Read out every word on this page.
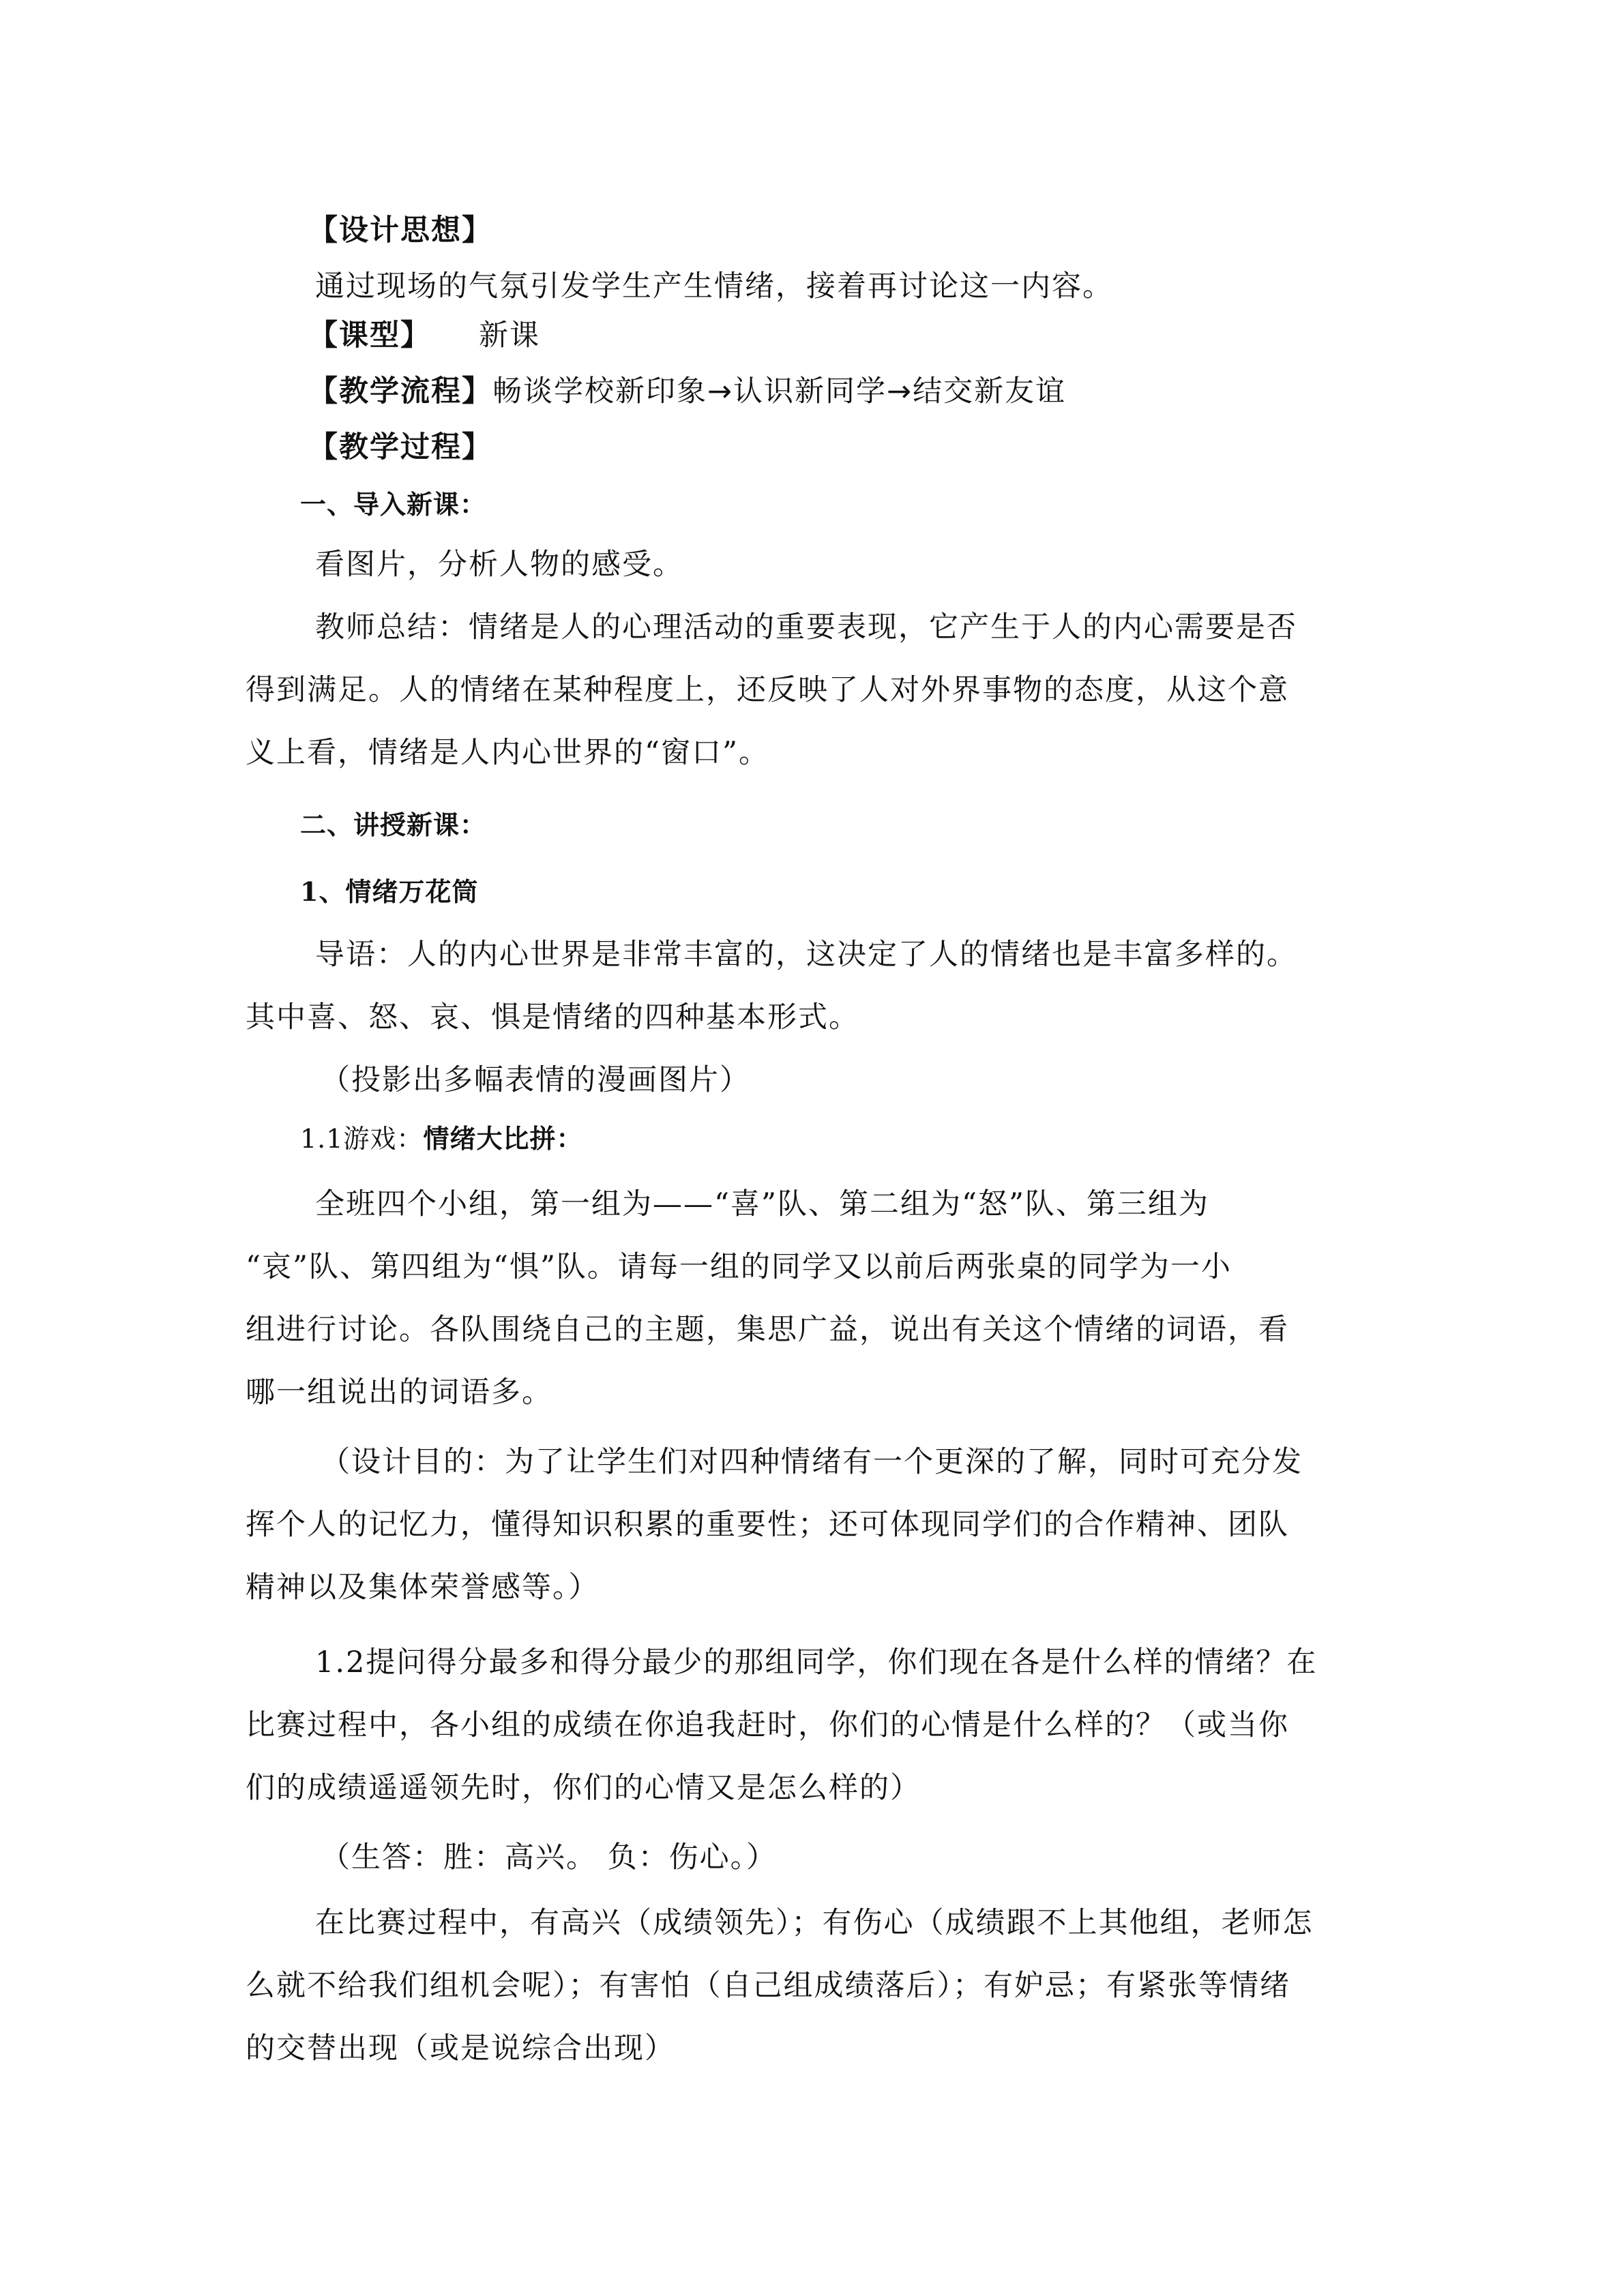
【设计思想】
通过现场的气氛引发学生产生情绪，接着再讨论这一内容。
【课型】 新课
【教学流程】畅谈学校新印象→认识新同学→结交新友谊
【教学过程】
一、导入新课：
看图片，分析人物的感受。
教师总结：情绪是人的心理活动的重要表现，它产生于人的内心需要是否
得到满足。人的情绪在某种程度上，还反映了人对外界事物的态度，从这个意
义上看，情绪是人内心世界的“窗口”。
二、讲授新课：
1、情绪万花筒
导语：人的内心世界是非常丰富的，这决定了人的情绪也是丰富多样的。
其中喜、怒、哀、惧是情绪的四种基本形式。
（投影出多幅表情的漫画图片）
1.1游戏：情绪大比拼：
全班四个小组，第一组为——“喜”队、第二组为“怒”队、第三组为
“哀”队、第四组为“惧”队。请每一组的同学又以前后两张桌的同学为一小
组进行讨论。各队围绕自己的主题，集思广益，说出有关这个情绪的词语，看
哪一组说出的词语多。
（设计目的：为了让学生们对四种情绪有一个更深的了解，同时可充分发
挥个人的记忆力，懂得知识积累的重要性；还可体现同学们的合作精神、团队
精神以及集体荣誉感等。）
1.2提问得分最多和得分最少的那组同学，你们现在各是什么样的情绪？在
比赛过程中，各小组的成绩在你追我赶时，你们的心情是什么样的？（或当你
们的成绩遥遥领先时，你们的心情又是怎么样的）
（生答：胜：高兴。 负：伤心。）
在比赛过程中，有高兴（成绩领先）；有伤心（成绩跟不上其他组，老师怎
么就不给我们组机会呢）；有害怕（自己组成绩落后）；有妒忌；有紧张等情绪
的交替出现（或是说综合出现）
